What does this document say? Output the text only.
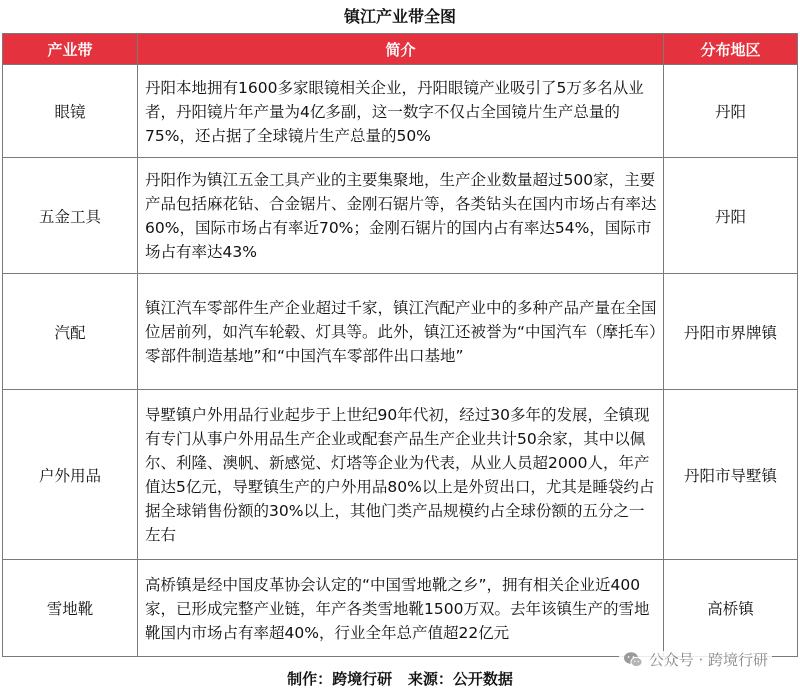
镇江产业带全图
产业带	简介	分布地区
眼镜	丹阳本地拥有1600多家眼镜相关企业，丹阳眼镜产业吸引了5万多名从业者，丹阳镜片年产量为4亿多副，这一数字不仅占全国镜片生产总量的75%，还占据了全球镜片生产总量的50%	丹阳
五金工具	丹阳作为镇江五金工具产业的主要集聚地，生产企业数量超过500家，主要产品包括麻花钻、合金锯片、金刚石锯片等，各类钻头在国内市场占有率达60%，国际市场占有率近70%；金刚石锯片的国内占有率达54%，国际市场占有率达43%	丹阳
汽配	镇江汽车零部件生产企业超过千家，镇江汽配产业中的多种产品产量在全国位居前列，如汽车轮毂、灯具等。此外，镇江还被誉为“中国汽车（摩托车）零部件制造基地”和“中国汽车零部件出口基地”	丹阳市界牌镇
户外用品	导墅镇户外用品行业起步于上世纪90年代初，经过30多年的发展，全镇现有专门从事户外用品生产企业或配套产品生产企业共计50余家，其中以佩尔、利隆、澳帆、新感觉、灯塔等企业为代表，从业人员超2000人，年产值达5亿元，导墅镇生产的户外用品80%以上是外贸出口，尤其是睡袋约占据全球销售份额的30%以上，其他门类产品规模约占全球份额的五分之一左右	丹阳市导墅镇
雪地靴	高桥镇是经中国皮革协会认定的“中国雪地靴之乡”，拥有相关企业近400家，已形成完整产业链，年产各类雪地靴1500万双。去年该镇生产的雪地靴国内市场占有率超40%，行业全年总产值超22亿元	高桥镇
制作：跨境行研 来源：公开数据
公众号 · 跨境行研
